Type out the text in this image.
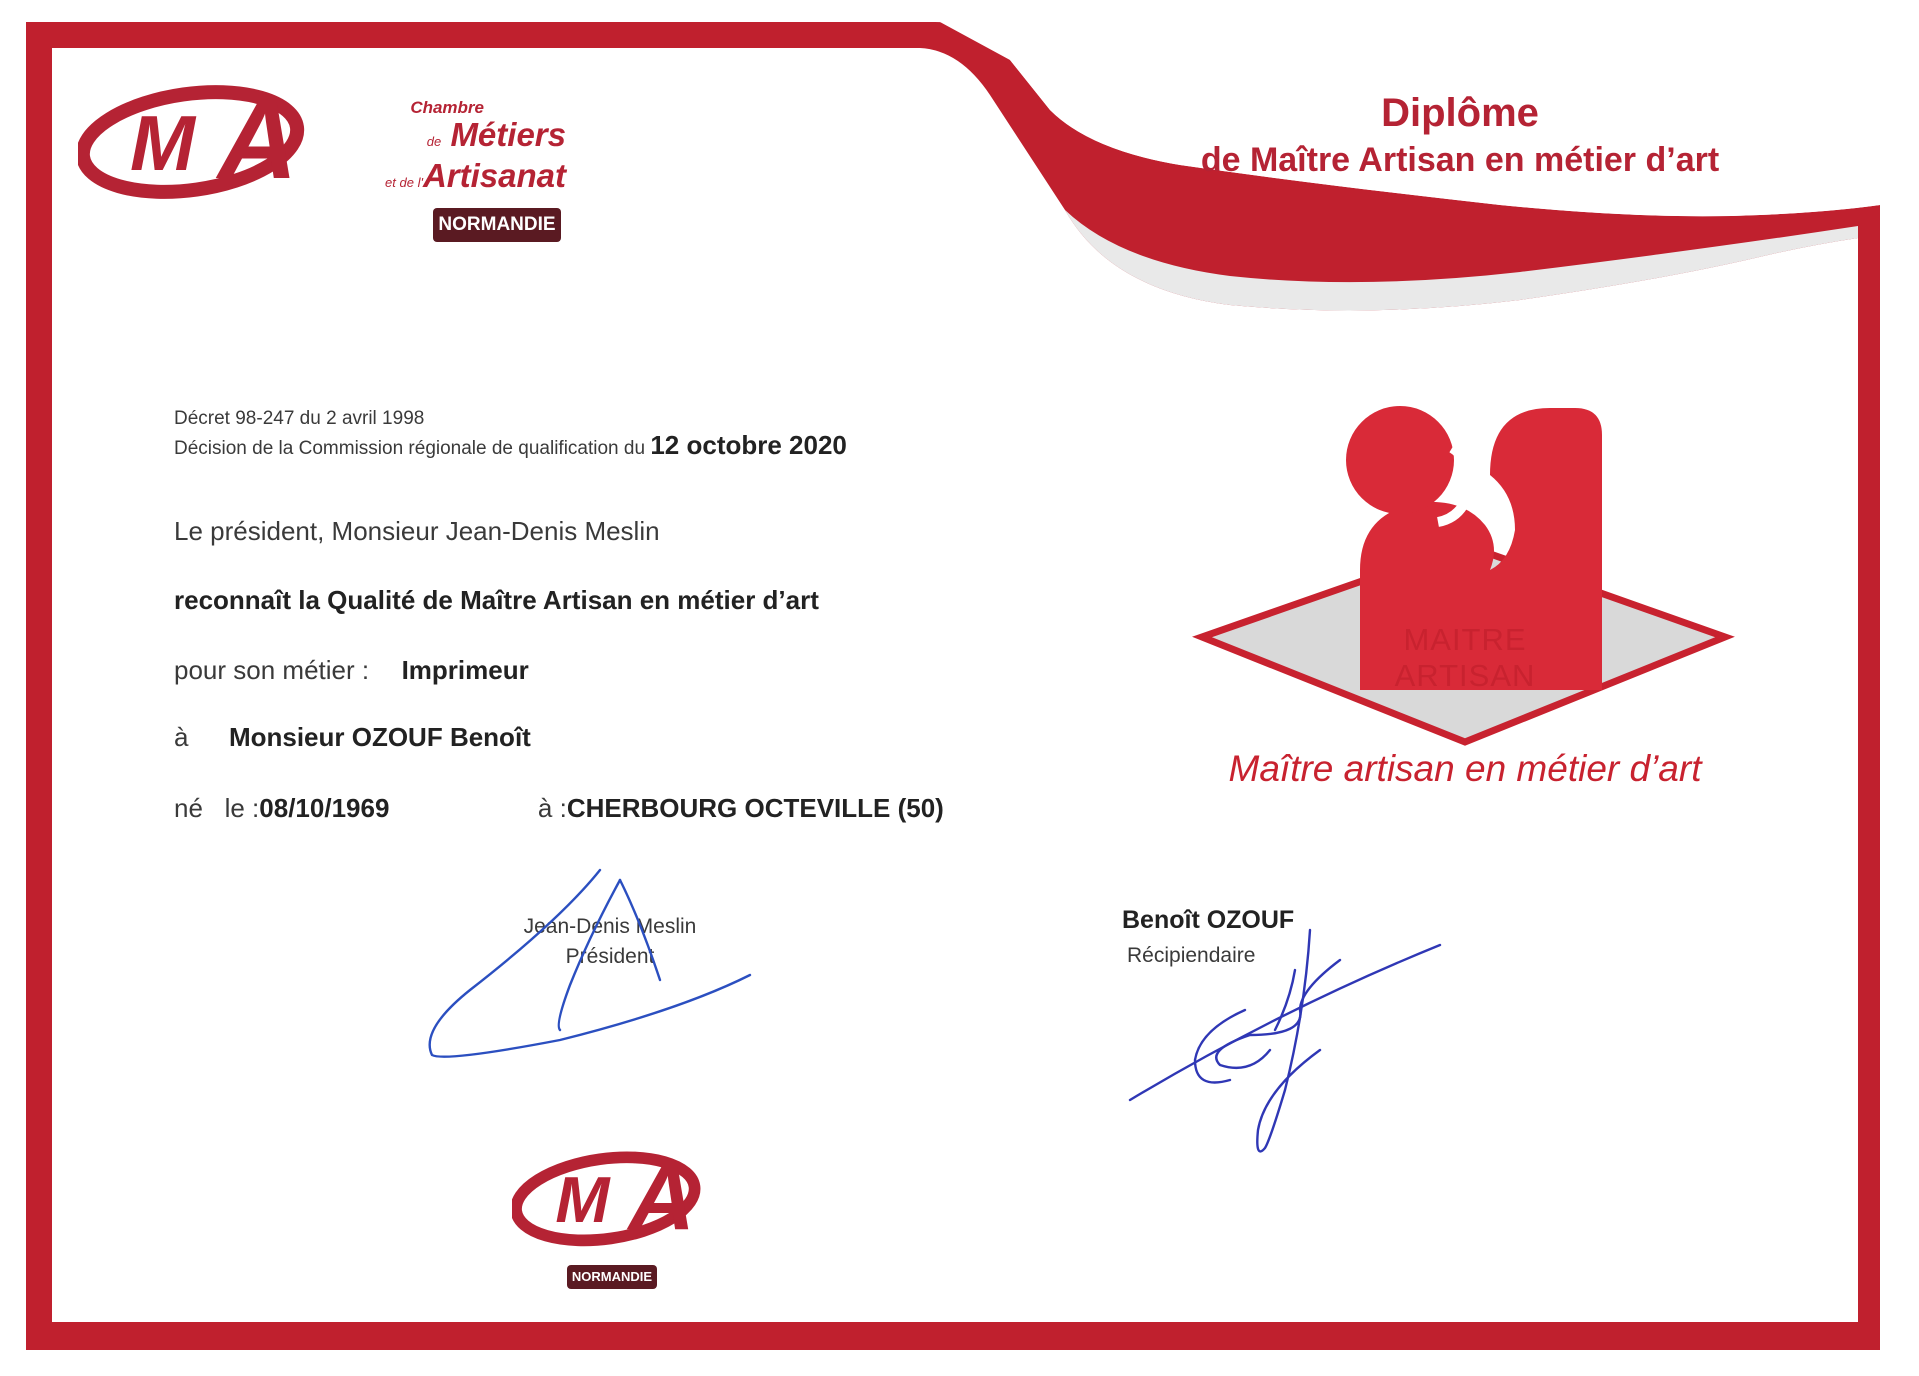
M A	Chambre
de Métiers
et de l'Artisanat
NORMANDIE
Diplôme
de Maître Artisan en métier d’art
Décret 98-247 du 2 avril 1998
Décision de la Commission régionale de qualification du 12 octobre 2020
Le président, Monsieur Jean-Denis Meslin
reconnaît la Qualité de Maître Artisan en métier d’art
pour son métier : Imprimeur
à Monsieur OZOUF Benoît
né   le :08/10/1969	à :CHERBOURG OCTEVILLE (50)
MAITRE
ARTISAN
Maître artisan en métier d’art
Jean-Denis Meslin
Président
Benoît OZOUF
Récipiendaire
M A
NORMANDIE
